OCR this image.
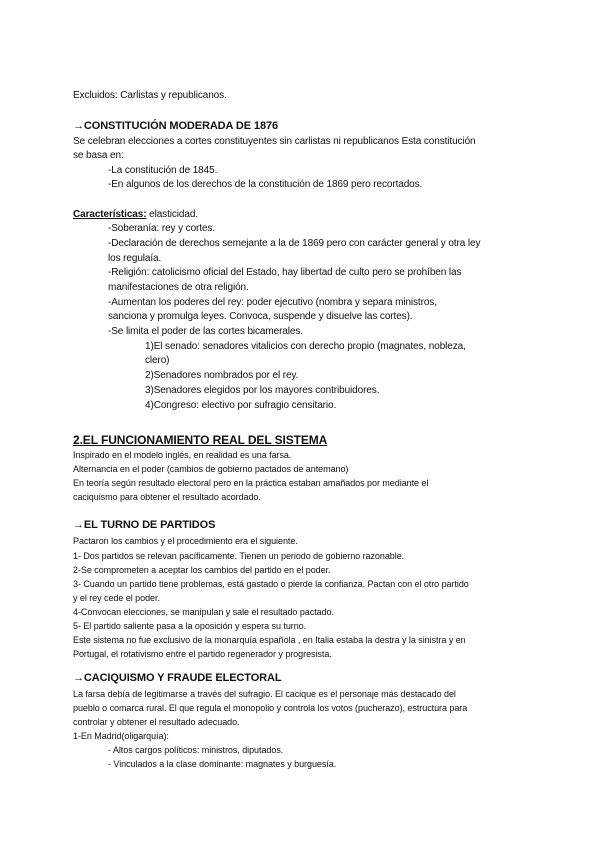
Excluidos: Carlistas y republicanos.
→CONSTITUCIÓN MODERADA DE 1876
Se celebran elecciones a cortes constituyentes sin carlistas ni republicanos Esta constitución
se basa en:
-La constitución de 1845.
-En algunos de los derechos de la constitución de 1869 pero recortados.
Características: elasticidad.
-Soberanía: rey y cortes.
-Declaración de derechos semejante a la de 1869 pero con carácter general y otra ley
los regulaía.
-Religión: catolicismo oficial del Estado, hay libertad de culto pero se prohíben las
manifestaciones de otra religión.
-Aumentan los poderes del rey: poder ejecutivo (nombra y separa ministros,
sanciona y promulga leyes. Convoca, suspende y disuelve las cortes).
-Se limita el poder de las cortes bicamerales.
1)El senado: senadores vitalicios con derecho propio (magnates, nobleza,
clero)
2)Senadores nombrados por el rey.
3)Senadores elegidos por los mayores contribuidores.
4)Congreso: electivo por sufragio censitario.
2.EL FUNCIONAMIENTO REAL DEL SISTEMA
Inspirado en el modelo inglés, en realidad es una farsa.
Alternancia en el poder (cambios de gobierno pactados de antemano)
En teoría según resultado electoral pero en la práctica estaban amañados por mediante el
caciquismo para obtener el resultado acordado.
→EL TURNO DE PARTIDOS
Pactaron los cambios y el procedimiento era el siguiente.
1- Dos partidos se relevan pacíficamente. Tienen un periodo de gobierno razonable.
2-Se comprometen a aceptar los cambios del partido en el poder.
3- Cuando un partido tiene problemas, está gastado o pierde la confianza. Pactan con el otro partido
y el rey cede el poder.
4-Convocan elecciones, se manipulan y sale el resultado pactado.
5- El partido saliente pasa a la oposición y espera su turno.
Este sistema no fue exclusivo de la monarquía española , en Italia estaba la destra y la sinistra y en
Portugal, el rotativismo entre el partido regenerador y progresista.
→CACIQUISMO Y FRAUDE ELECTORAL
La farsa debía de legitimarse a través del sufragio. El cacique es el personaje más destacado del
pueblo o comarca rural. El que regula el monopolio y controla los votos (pucherazo), estructura para
controlar y obtener el resultado adecuado.
1-En Madrid(oligarquía):
- Altos cargos políticos: ministros, diputados.
- Vinculados a la clase dominante: magnates y burguesía.
